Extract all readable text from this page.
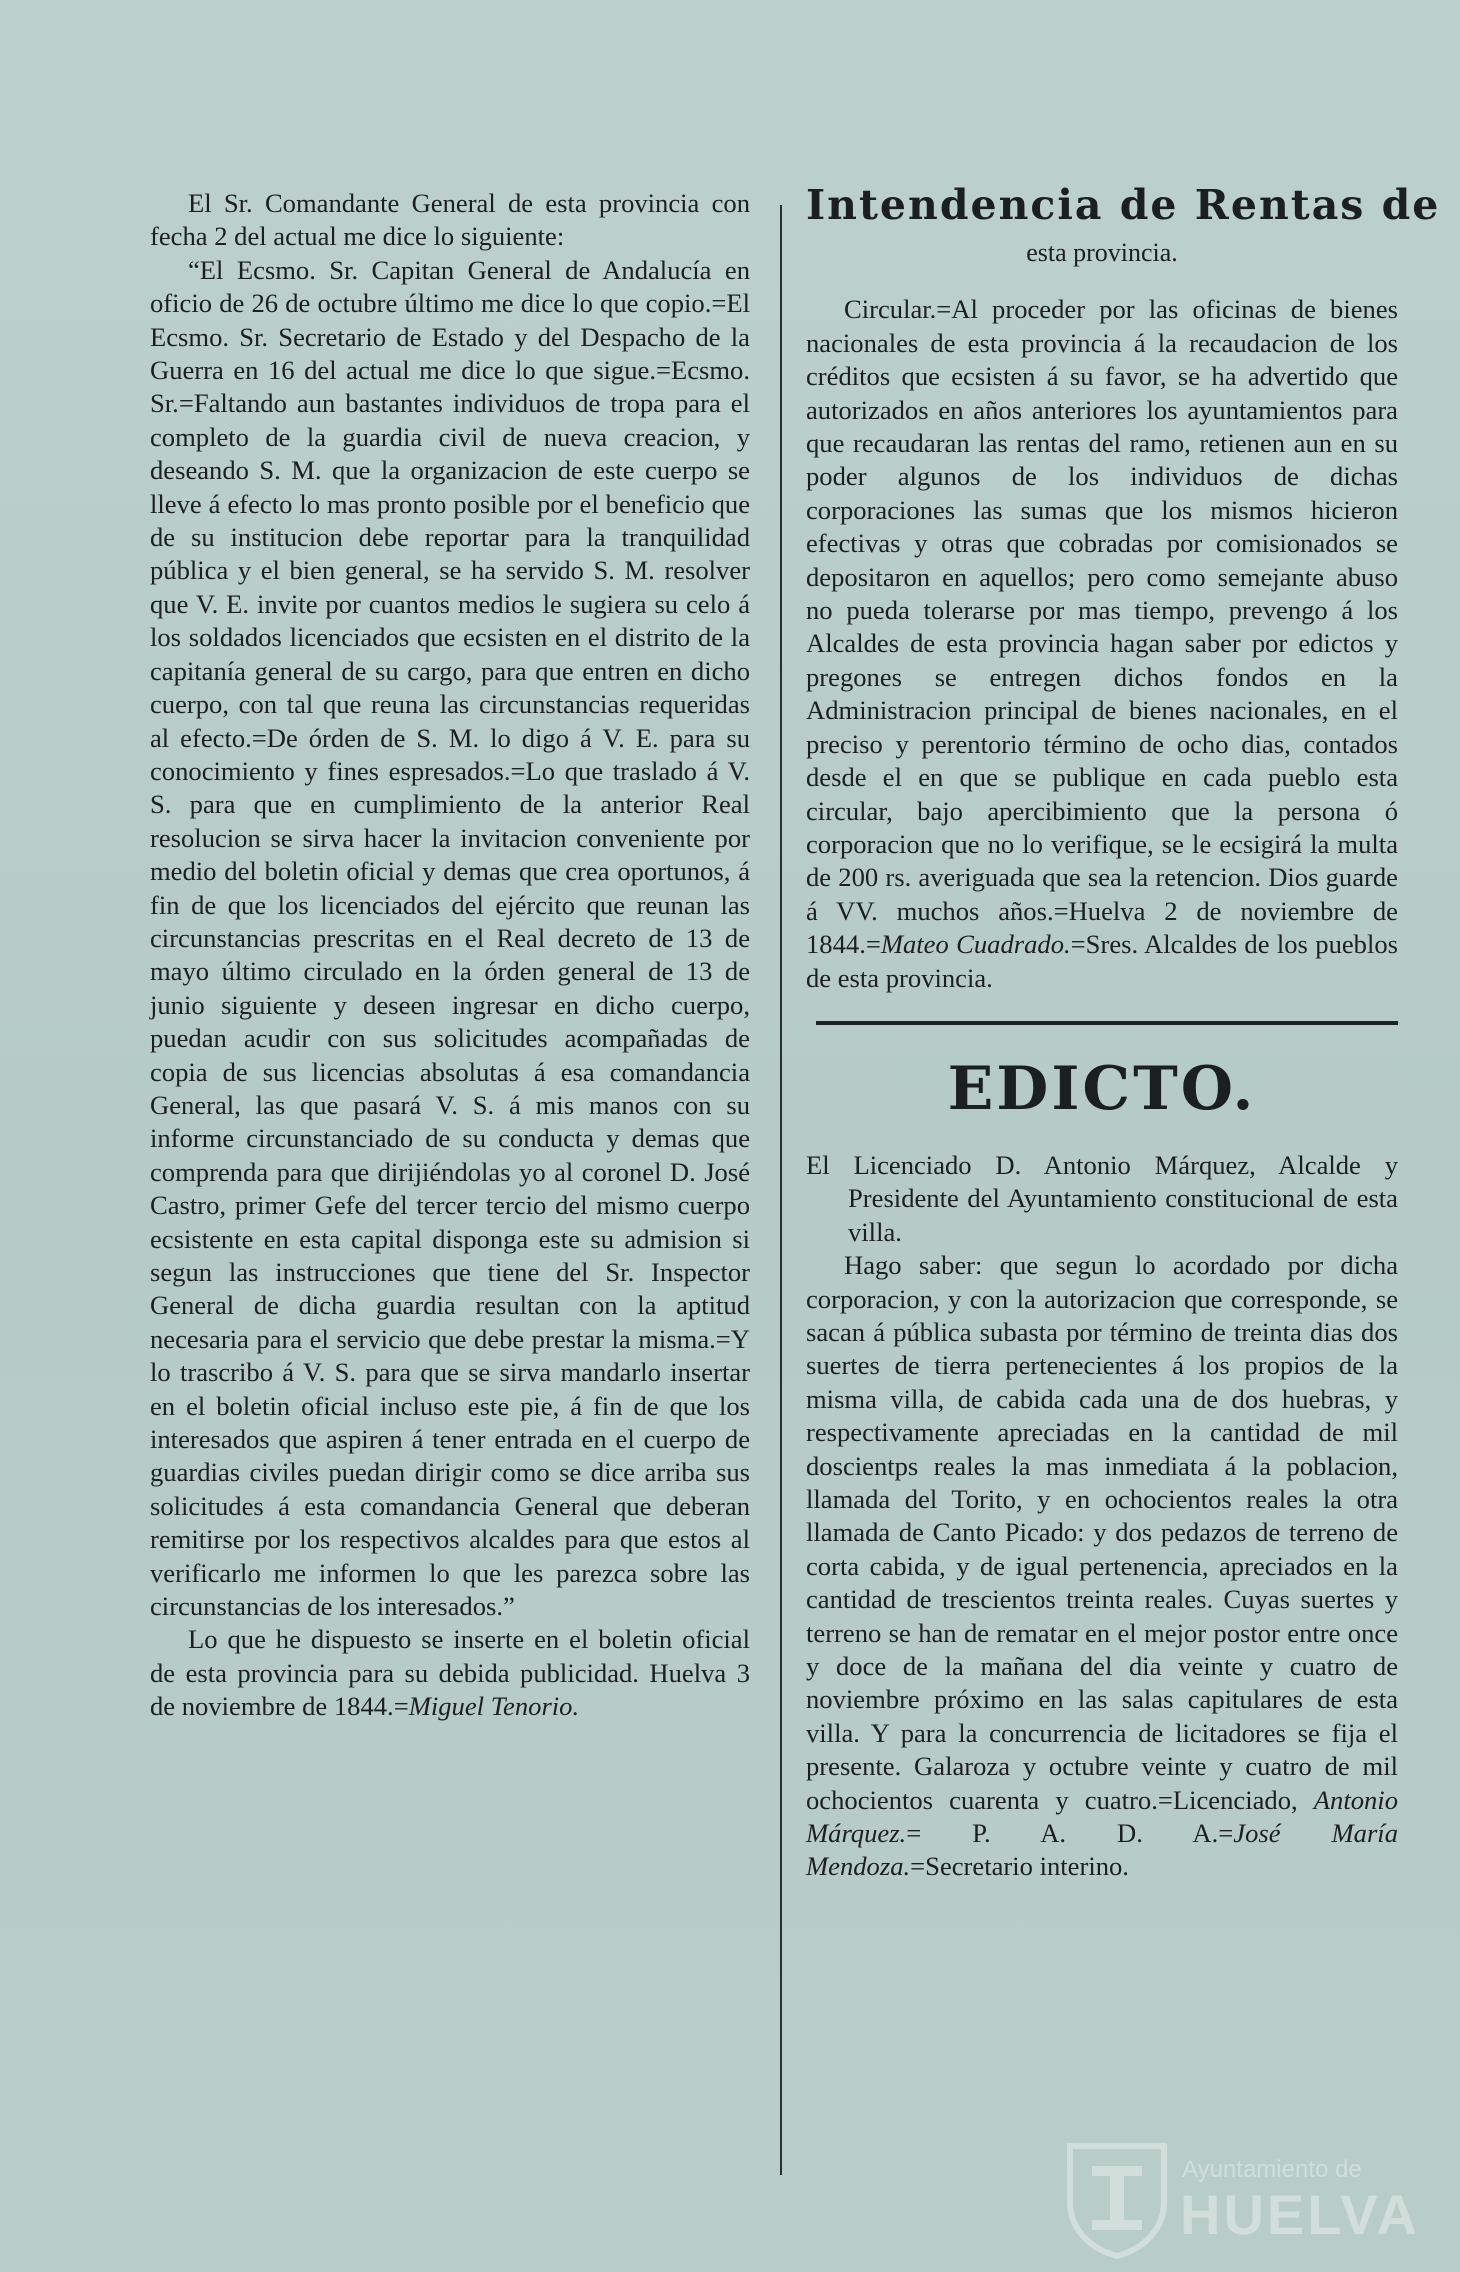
El Sr. Comandante General de esta provincia con fecha 2 del actual me dice lo siguiente:

“El Ecsmo. Sr. Capitan General de Andalucía en oficio de 26 de octubre último me dice lo que copio.=El Ecsmo. Sr. Secretario de Estado y del Despacho de la Guerra en 16 del actual me dice lo que sigue.=Ecsmo. Sr.=Faltando aun bastantes individuos de tropa para el completo de la guardia civil de nueva creacion, y deseando S. M. que la organizacion de este cuerpo se lleve á efecto lo mas pronto posible por el beneficio que de su institucion debe reportar para la tranquilidad pública y el bien general, se ha servido S. M. resolver que V. E. invite por cuantos medios le sugiera su celo á los soldados licenciados que ecsisten en el distrito de la capitanía general de su cargo, para que entren en dicho cuerpo, con tal que reuna las circunstancias requeridas al efecto.=De órden de S. M. lo digo á V. E. para su conocimiento y fines espresados.=Lo que traslado á V. S. para que en cumplimiento de la anterior Real resolucion se sirva hacer la invitacion conveniente por medio del boletin oficial y demas que crea oportunos, á fin de que los licenciados del ejército que reunan las circunstancias prescritas en el Real decreto de 13 de mayo último circulado en la órden general de 13 de junio siguiente y deseen ingresar en dicho cuerpo, puedan acudir con sus solicitudes acompañadas de copia de sus licencias absolutas á esa comandancia General, las que pasará V. S. á mis manos con su informe circunstanciado de su conducta y demas que comprenda para que dirijiéndolas yo al coronel D. José Castro, primer Gefe del tercer tercio del mismo cuerpo ecsistente en esta capital disponga este su admision si segun las instrucciones que tiene del Sr. Inspector General de dicha guardia resultan con la aptitud necesaria para el servicio que debe prestar la misma.=Y lo trascribo á V. S. para que se sirva mandarlo insertar en el boletin oficial incluso este pie, á fin de que los interesados que aspiren á tener entrada en el cuerpo de guardias civiles puedan dirigir como se dice arriba sus solicitudes á esta comandancia General que deberan remitirse por los respectivos alcaldes para que estos al verificarlo me informen lo que les parezca sobre las circunstancias de los interesados.”

Lo que he dispuesto se inserte en el boletin oficial de esta provincia para su debida publicidad. Huelva 3 de noviembre de 1844.=Miguel Tenorio.

Intendencia de Rentas de
esta provincia.

Circular.=Al proceder por las oficinas de bienes nacionales de esta provincia á la recaudacion de los créditos que ecsisten á su favor, se ha advertido que autorizados en años anteriores los ayuntamientos para que recaudaran las rentas del ramo, retienen aun en su poder algunos de los individuos de dichas corporaciones las sumas que los mismos hicieron efectivas y otras que cobradas por comisionados se depositaron en aquellos; pero como semejante abuso no pueda tolerarse por mas tiempo, prevengo á los Alcaldes de esta provincia hagan saber por edictos y pregones se entregen dichos fondos en la Administracion principal de bienes nacionales, en el preciso y perentorio término de ocho dias, contados desde el en que se publique en cada pueblo esta circular, bajo apercibimiento que la persona ó corporacion que no lo verifique, se le ecsigirá la multa de 200 rs. averiguada que sea la retencion. Dios guarde á VV. muchos años.=Huelva 2 de noviembre de 1844.=Mateo Cuadrado.=Sres. Alcaldes de los pueblos de esta provincia.

EDICTO.

El Licenciado D. Antonio Márquez, Alcalde y Presidente del Ayuntamiento constitucional de esta villa.

Hago saber: que segun lo acordado por dicha corporacion, y con la autorizacion que corresponde, se sacan á pública subasta por término de treinta dias dos suertes de tierra pertenecientes á los propios de la misma villa, de cabida cada una de dos huebras, y respectivamente apreciadas en la cantidad de mil doscientps reales la mas inmediata á la poblacion, llamada del Torito, y en ochocientos reales la otra llamada de Canto Picado: y dos pedazos de terreno de corta cabida, y de igual pertenencia, apreciados en la cantidad de trescientos treinta reales. Cuyas suertes y terreno se han de rematar en el mejor postor entre once y doce de la mañana del dia veinte y cuatro de noviembre próximo en las salas capitulares de esta villa. Y para la concurrencia de licitadores se fija el presente. Galaroza y octubre veinte y cuatro de mil ochocientos cuarenta y cuatro.=Licenciado, Antonio Márquez.= P. A. D. A.=José María Mendoza.=Secretario interino.

Ayuntamiento de
HUELVA
